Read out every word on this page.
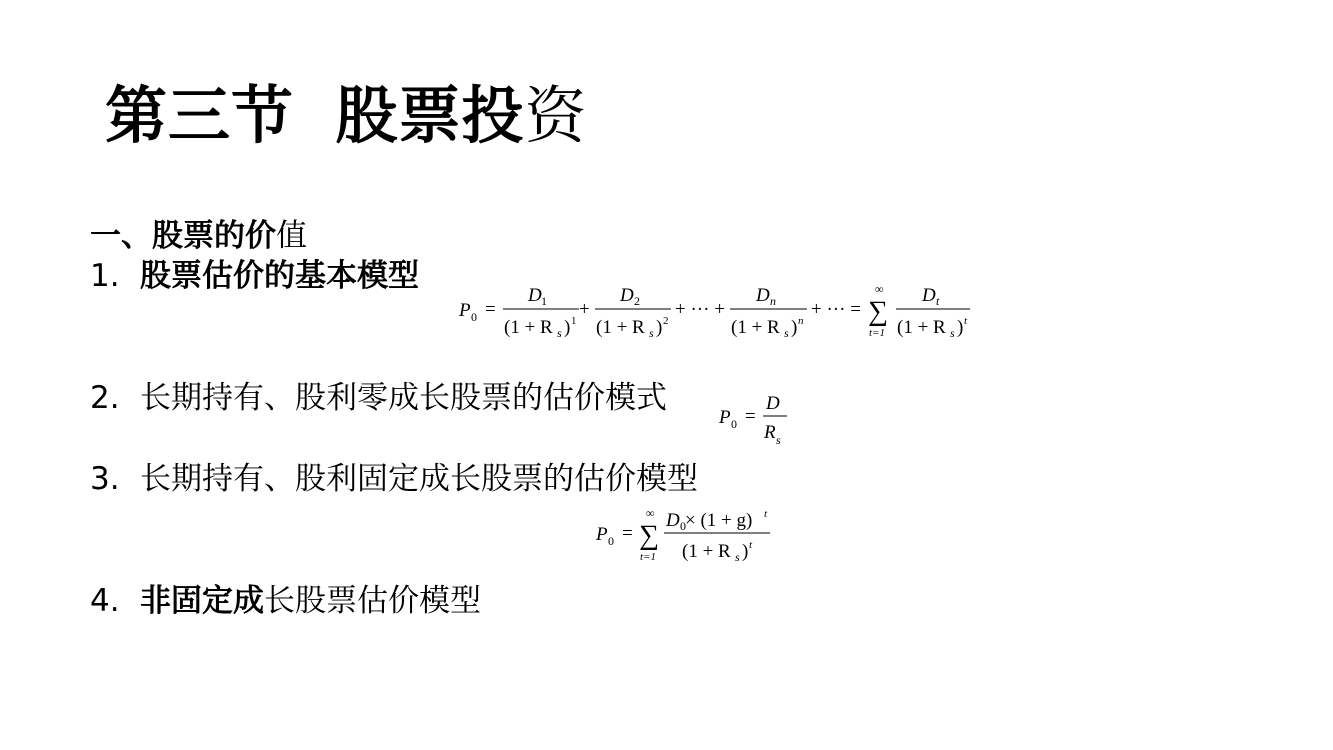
第三节 股票投资
一、股票的价值
1. 股票估价的基本模型
2. 长期持有、股利零成长股票的估价模式
3. 长期持有、股利固定成长股票的估价模型
4. 非固定成长股票估价模型
P 0 =
D 1
(1 + R s ) 1
+
D 2
(1 + R s ) 2
+ ··· +
D n
(1 + R s ) n
+ ··· =
∞
∑
t=1
D t
(1 + R s ) t
P 0 =
D
R s
P 0 =
∞
∑
t=1
D 0 × (1 + g) t
(1 + R s ) t
